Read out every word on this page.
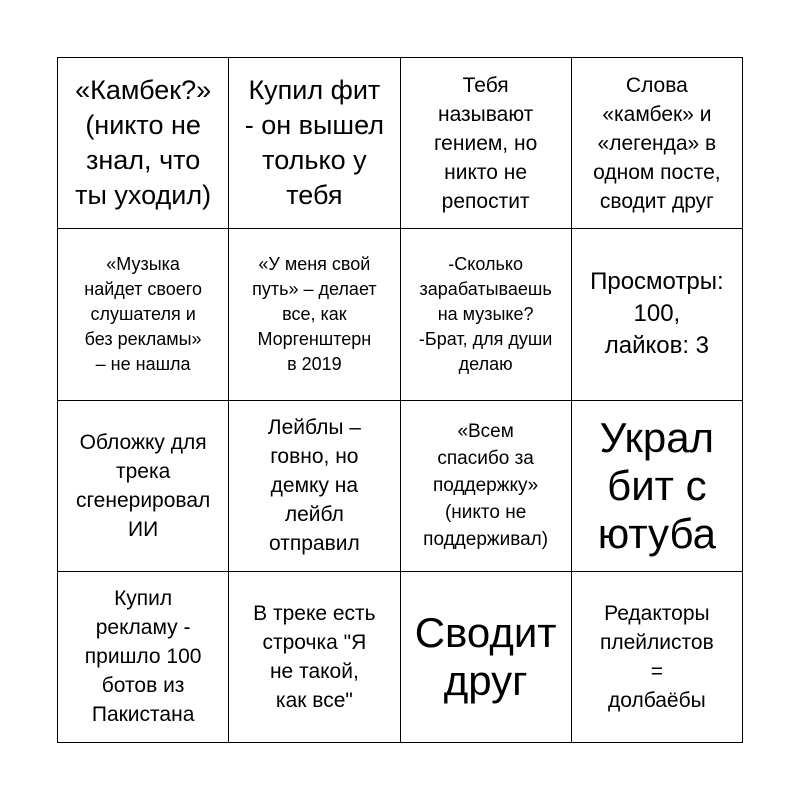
«Камбек?»
(никто не
знал, что
ты уходил)
Купил фит
- он вышел
только у
тебя
Тебя
называют
гением, но
никто не
репостит
Слова
«камбек» и
«легенда» в
одном посте,
сводит друг
«Музыка
найдет своего
слушателя и
без рекламы»
– не нашла
«У меня свой
путь» – делает
все, как
Моргенштерн
в 2019
-Сколько
зарабатываешь
на музыке?
-Брат, для души
делаю
Просмотры:
100,
лайков: 3
Обложку для
трека
сгенерировал
ИИ
Лейблы –
говно, но
демку на
лейбл
отправил
«Всем
спасибо за
поддержку»
(никто не
поддерживал)
Украл
бит с
ютуба
Купил
рекламу -
пришло 100
ботов из
Пакистана
В треке есть
строчка "Я
не такой,
как все"
Сводит
друг
Редакторы
плейлистов
=
долбаёбы
